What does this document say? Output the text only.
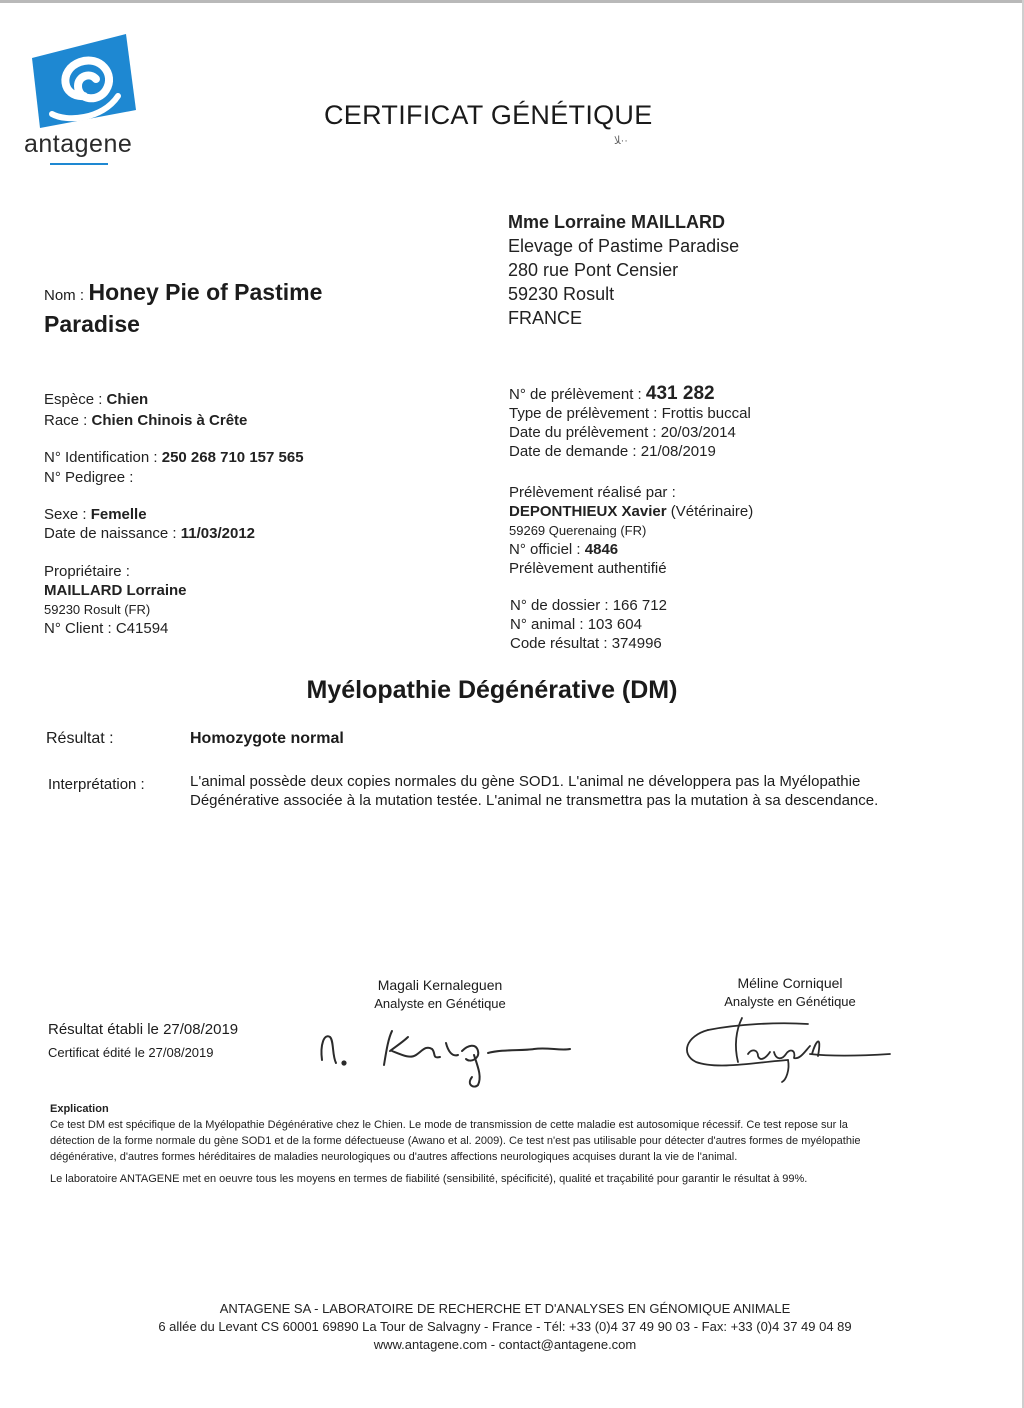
antagene
CERTIFICAT GÉNÉTIQUE
ﻼ··
Mme Lorraine MAILLARD
Elevage of Pastime Paradise
280 rue Pont Censier
59230 Rosult
FRANCE
Nom : Honey Pie of Pastime Paradise
Espèce : Chien
Race : Chien Chinois à Crête
N° Identification : 250 268 710 157 565
N° Pedigree :
Sexe : Femelle
Date de naissance : 11/03/2012
Propriétaire :
MAILLARD Lorraine
59230 Rosult (FR)
N° Client : C41594
N° de prélèvement : 431 282
Type de prélèvement : Frottis buccal
Date du prélèvement : 20/03/2014
Date de demande : 21/08/2019
Prélèvement réalisé par :
DEPONTHIEUX Xavier (Vétérinaire)
59269 Querenaing (FR)
N° officiel : 4846
Prélèvement authentifié
N° de dossier : 166 712
N° animal : 103 604
Code résultat : 374996
Myélopathie Dégénérative (DM)
Résultat :	Homozygote normal
Interprétation :	L'animal possède deux copies normales du gène SOD1. L'animal ne développera pas la Myélopathie
Dégénérative associée à la mutation testée. L'animal ne transmettra pas la mutation à sa descendance.
Magali Kernaleguen
Analyste en Génétique
Méline Corniquel
Analyste en Génétique
Résultat établi le 27/08/2019
Certificat édité le 27/08/2019
Explication
Ce test DM est spécifique de la Myélopathie Dégénérative chez le Chien. Le mode de transmission de cette maladie est autosomique récessif. Ce test repose sur la
détection de la forme normale du gène SOD1 et de la forme défectueuse (Awano et al. 2009). Ce test n'est pas utilisable pour détecter d'autres formes de myélopathie
dégénérative, d'autres formes héréditaires de maladies neurologiques ou d'autres affections neurologiques acquises durant la vie de l'animal.
Le laboratoire ANTAGENE met en oeuvre tous les moyens en termes de fiabilité (sensibilité, spécificité), qualité et traçabilité pour garantir le résultat à 99%.
ANTAGENE SA - LABORATOIRE DE RECHERCHE ET D'ANALYSES EN GÉNOMIQUE ANIMALE
6 allée du Levant CS 60001 69890 La Tour de Salvagny - France - Tél: +33 (0)4 37 49 90 03 - Fax: +33 (0)4 37 49 04 89
www.antagene.com - contact@antagene.com
